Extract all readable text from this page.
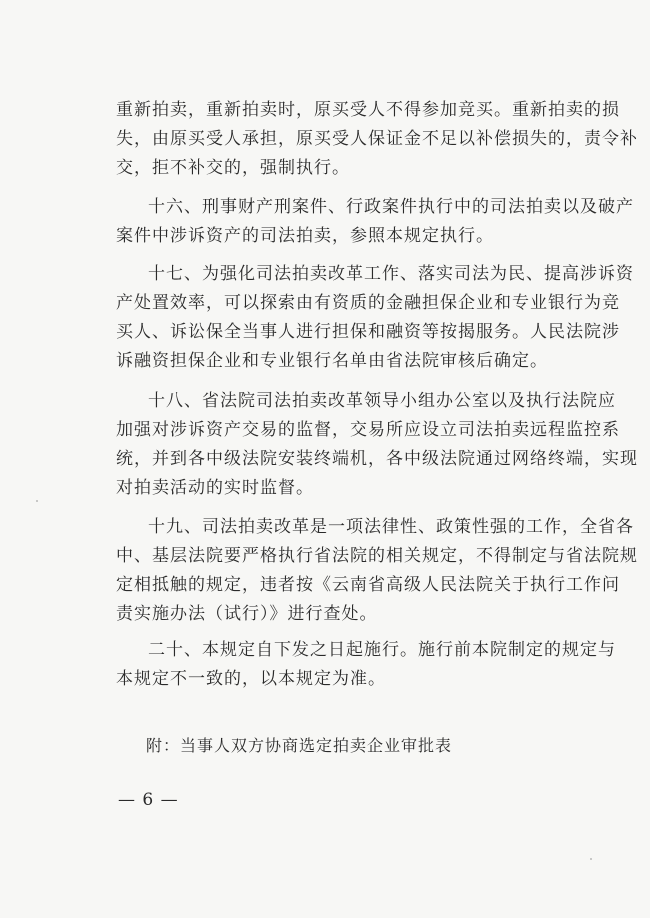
重新拍卖，重新拍卖时，原买受人不得参加竞买。重新拍卖的损
失，由原买受人承担，原买受人保证金不足以补偿损失的，责令补
交，拒不补交的，强制执行。

十六、刑事财产刑案件、行政案件执行中的司法拍卖以及破产
案件中涉诉资产的司法拍卖，参照本规定执行。

十七、为强化司法拍卖改革工作、落实司法为民、提高涉诉资
产处置效率，可以探索由有资质的金融担保企业和专业银行为竞
买人、诉讼保全当事人进行担保和融资等按揭服务。人民法院涉
诉融资担保企业和专业银行名单由省法院审核后确定。

十八、省法院司法拍卖改革领导小组办公室以及执行法院应
加强对涉诉资产交易的监督，交易所应设立司法拍卖远程监控系
统，并到各中级法院安装终端机，各中级法院通过网络终端，实现
对拍卖活动的实时监督。

十九、司法拍卖改革是一项法律性、政策性强的工作，全省各
中、基层法院要严格执行省法院的相关规定，不得制定与省法院规
定相抵触的规定，违者按《云南省高级人民法院关于执行工作问
责实施办法（试行）》进行查处。

二十、本规定自下发之日起施行。施行前本院制定的规定与
本规定不一致的，以本规定为准。

附：当事人双方协商选定拍卖企业审批表
— 6 —
